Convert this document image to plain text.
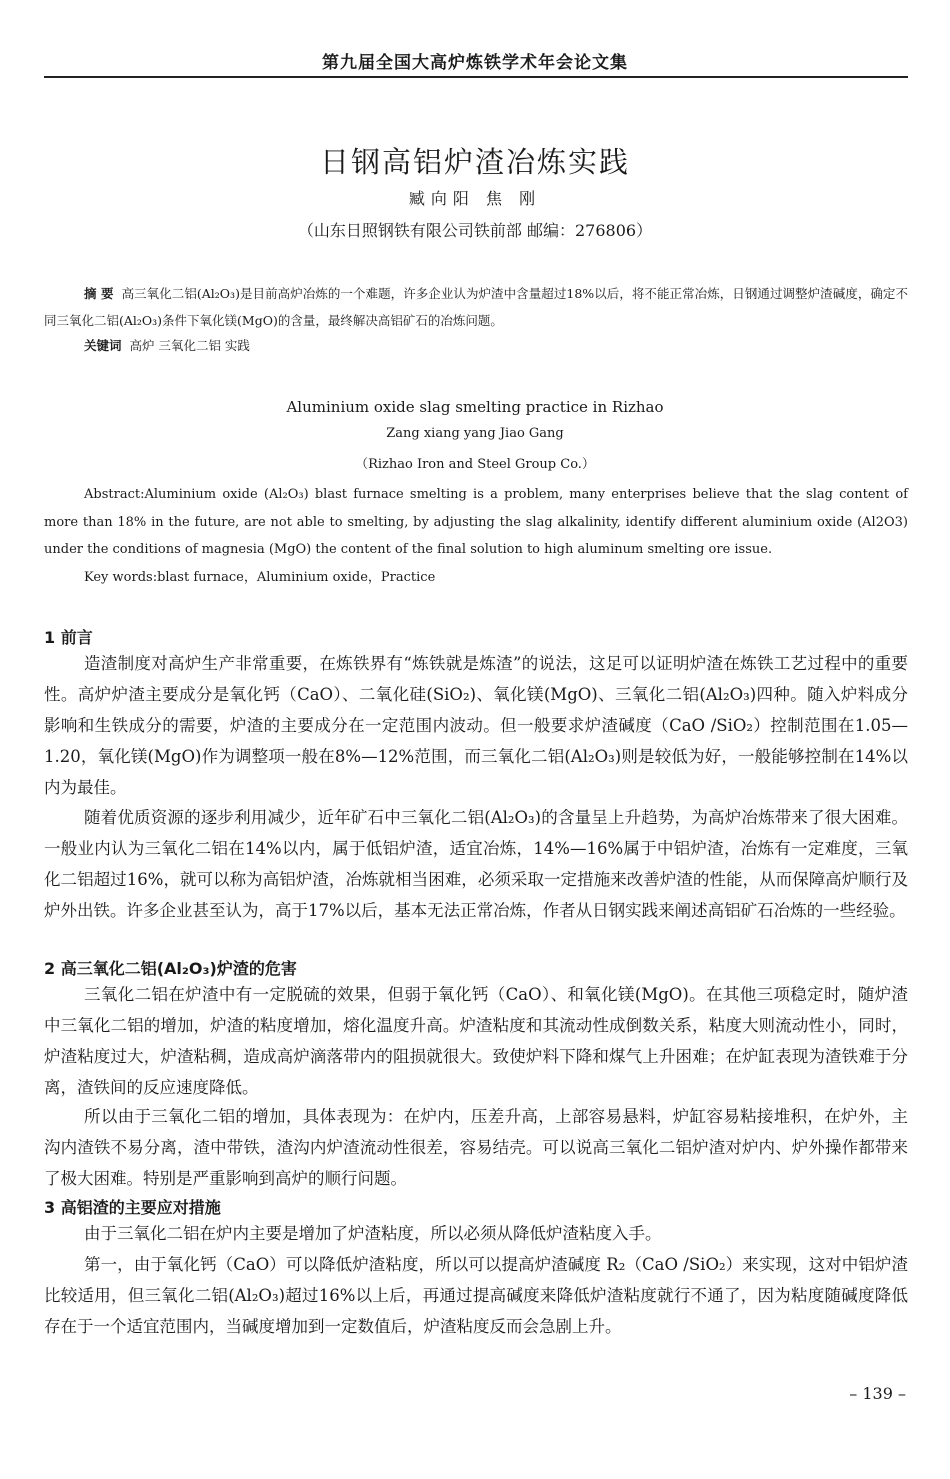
第九届全国大高炉炼铁学术年会论文集
日钢高铝炉渣冶炼实践
臧向阳 焦 刚
（山东日照钢铁有限公司铁前部 邮编：276806）
摘 要 高三氧化二铝(Al₂O₃)是目前高炉冶炼的一个难题，许多企业认为炉渣中含量超过18%以后，将不能正常冶炼，日钢通过调整炉渣碱度，确定不同三氧化二铝(Al₂O₃)条件下氧化镁(MgO)的含量，最终解决高铝矿石的冶炼问题。
关键词 高炉 三氧化二铝 实践
Aluminium oxide slag smelting practice in Rizhao
Zang xiang yang Jiao Gang
（Rizhao Iron and Steel Group Co.）
Abstract:Aluminium oxide (Al₂O₃) blast furnace smelting is a problem, many enterprises believe that the slag content of more than 18% in the future, are not able to smelting, by adjusting the slag alkalinity, identify different aluminium oxide (Al2O3) under the conditions of magnesia (MgO) the content of the final solution to high aluminum smelting ore issue.
Key words:blast furnace，Aluminium oxide，Practice
1 前言

造渣制度对高炉生产非常重要，在炼铁界有“炼铁就是炼渣”的说法，这足可以证明炉渣在炼铁工艺过程中的重要性。高炉炉渣主要成分是氧化钙（CaO）、二氧化硅(SiO₂)、氧化镁(MgO)、三氧化二铝(Al₂O₃)四种。随入炉料成分影响和生铁成分的需要，炉渣的主要成分在一定范围内波动。但一般要求炉渣碱度（CaO /SiO₂）控制范围在1.05—1.20，氧化镁(MgO)作为调整项一般在8%—12%范围，而三氧化二铝(Al₂O₃)则是较低为好，一般能够控制在14%以内为最佳。

随着优质资源的逐步利用减少，近年矿石中三氧化二铝(Al₂O₃)的含量呈上升趋势，为高炉冶炼带来了很大困难。一般业内认为三氧化二铝在14%以内，属于低铝炉渣，适宜冶炼，14%—16%属于中铝炉渣，冶炼有一定难度，三氧化二铝超过16%，就可以称为高铝炉渣，冶炼就相当困难，必须采取一定措施来改善炉渣的性能，从而保障高炉顺行及炉外出铁。许多企业甚至认为，高于17%以后，基本无法正常冶炼，作者从日钢实践来阐述高铝矿石冶炼的一些经验。

2 高三氧化二铝(Al₂O₃)炉渣的危害

三氧化二铝在炉渣中有一定脱硫的效果，但弱于氧化钙（CaO）、和氧化镁(MgO)。在其他三项稳定时，随炉渣中三氧化二铝的增加，炉渣的粘度增加，熔化温度升高。炉渣粘度和其流动性成倒数关系，粘度大则流动性小，同时，炉渣粘度过大，炉渣粘稠，造成高炉滴落带内的阻损就很大。致使炉料下降和煤气上升困难；在炉缸表现为渣铁难于分离，渣铁间的反应速度降低。

所以由于三氧化二铝的增加，具体表现为：在炉内，压差升高，上部容易悬料，炉缸容易粘接堆积，在炉外，主沟内渣铁不易分离，渣中带铁，渣沟内炉渣流动性很差，容易结壳。可以说高三氧化二铝炉渣对炉内、炉外操作都带来了极大困难。特别是严重影响到高炉的顺行问题。

3 高铝渣的主要应对措施

由于三氧化二铝在炉内主要是增加了炉渣粘度，所以必须从降低炉渣粘度入手。

第一，由于氧化钙（CaO）可以降低炉渣粘度，所以可以提高炉渣碱度 R₂（CaO /SiO₂）来实现，这对中铝炉渣比较适用，但三氧化二铝(Al₂O₃)超过16%以上后，再通过提高碱度来降低炉渣粘度就行不通了，因为粘度随碱度降低存在于一个适宜范围内，当碱度增加到一定数值后，炉渣粘度反而会急剧上升。

– 139 –
